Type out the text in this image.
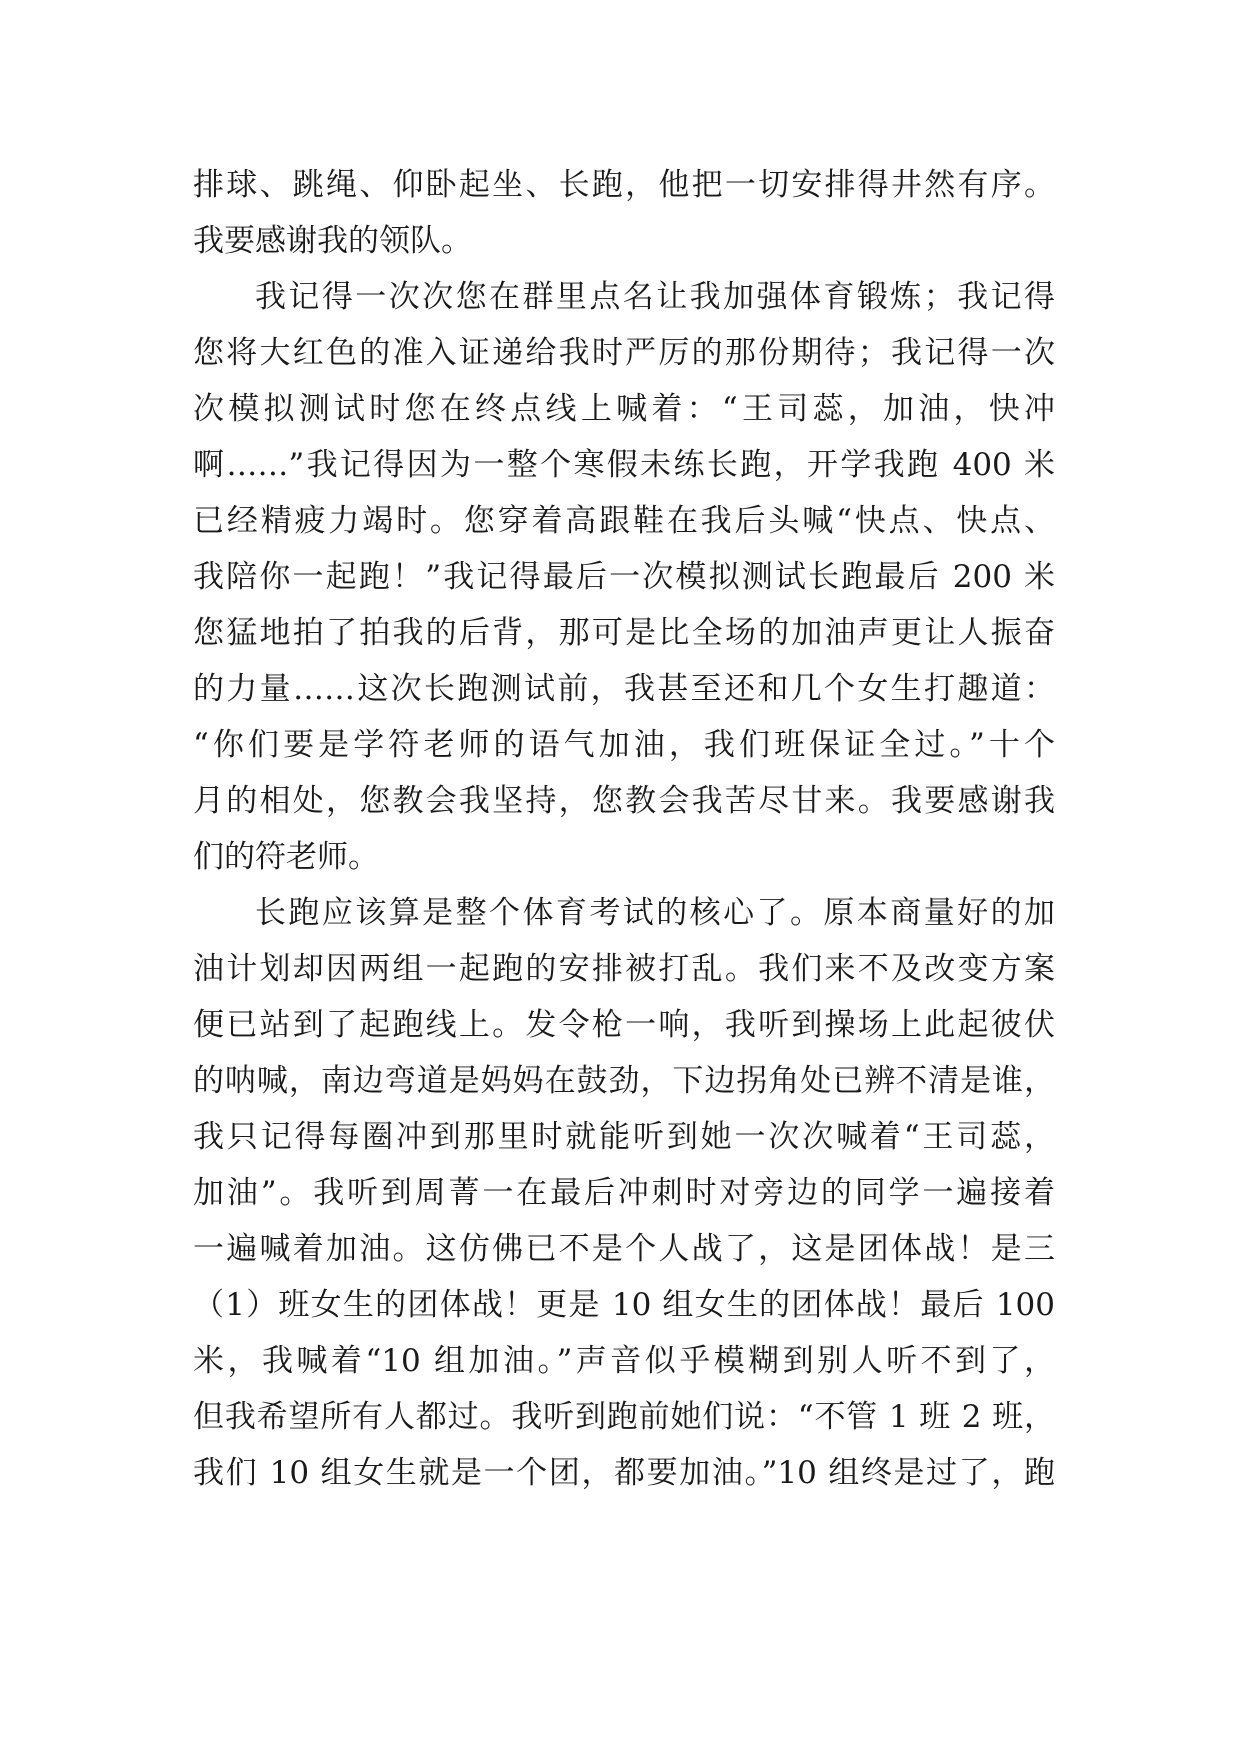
排球、跳绳、仰卧起坐、长跑，他把一切安排得井然有序。
我要感谢我的领队。
我记得一次次您在群里点名让我加强体育锻炼；我记得
您将大红色的准入证递给我时严厉的那份期待；我记得一次
次模拟测试时您在终点线上喊着：“王司蕊，加油，快冲
啊……”我记得因为一整个寒假未练长跑，开学我跑 400 米
已经精疲力竭时。您穿着高跟鞋在我后头喊“快点、快点、
我陪你一起跑！”我记得最后一次模拟测试长跑最后 200 米
您猛地拍了拍我的后背，那可是比全场的加油声更让人振奋
的力量……这次长跑测试前，我甚至还和几个女生打趣道：
“你们要是学符老师的语气加油，我们班保证全过。”十个
月的相处，您教会我坚持，您教会我苦尽甘来。我要感谢我
们的符老师。
长跑应该算是整个体育考试的核心了。原本商量好的加
油计划却因两组一起跑的安排被打乱。我们来不及改变方案
便已站到了起跑线上。发令枪一响，我听到操场上此起彼伏
的呐喊，南边弯道是妈妈在鼓劲，下边拐角处已辨不清是谁，
我只记得每圈冲到那里时就能听到她一次次喊着“王司蕊，
加油”。我听到周菁一在最后冲刺时对旁边的同学一遍接着
一遍喊着加油。这仿佛已不是个人战了，这是团体战！是三
（1）班女生的团体战！更是 10 组女生的团体战！最后 100
米，我喊着“10 组加油。”声音似乎模糊到别人听不到了，
但我希望所有人都过。我听到跑前她们说：“不管 1 班 2 班，
我们 10 组女生就是一个团，都要加油。”10 组终是过了，跑
